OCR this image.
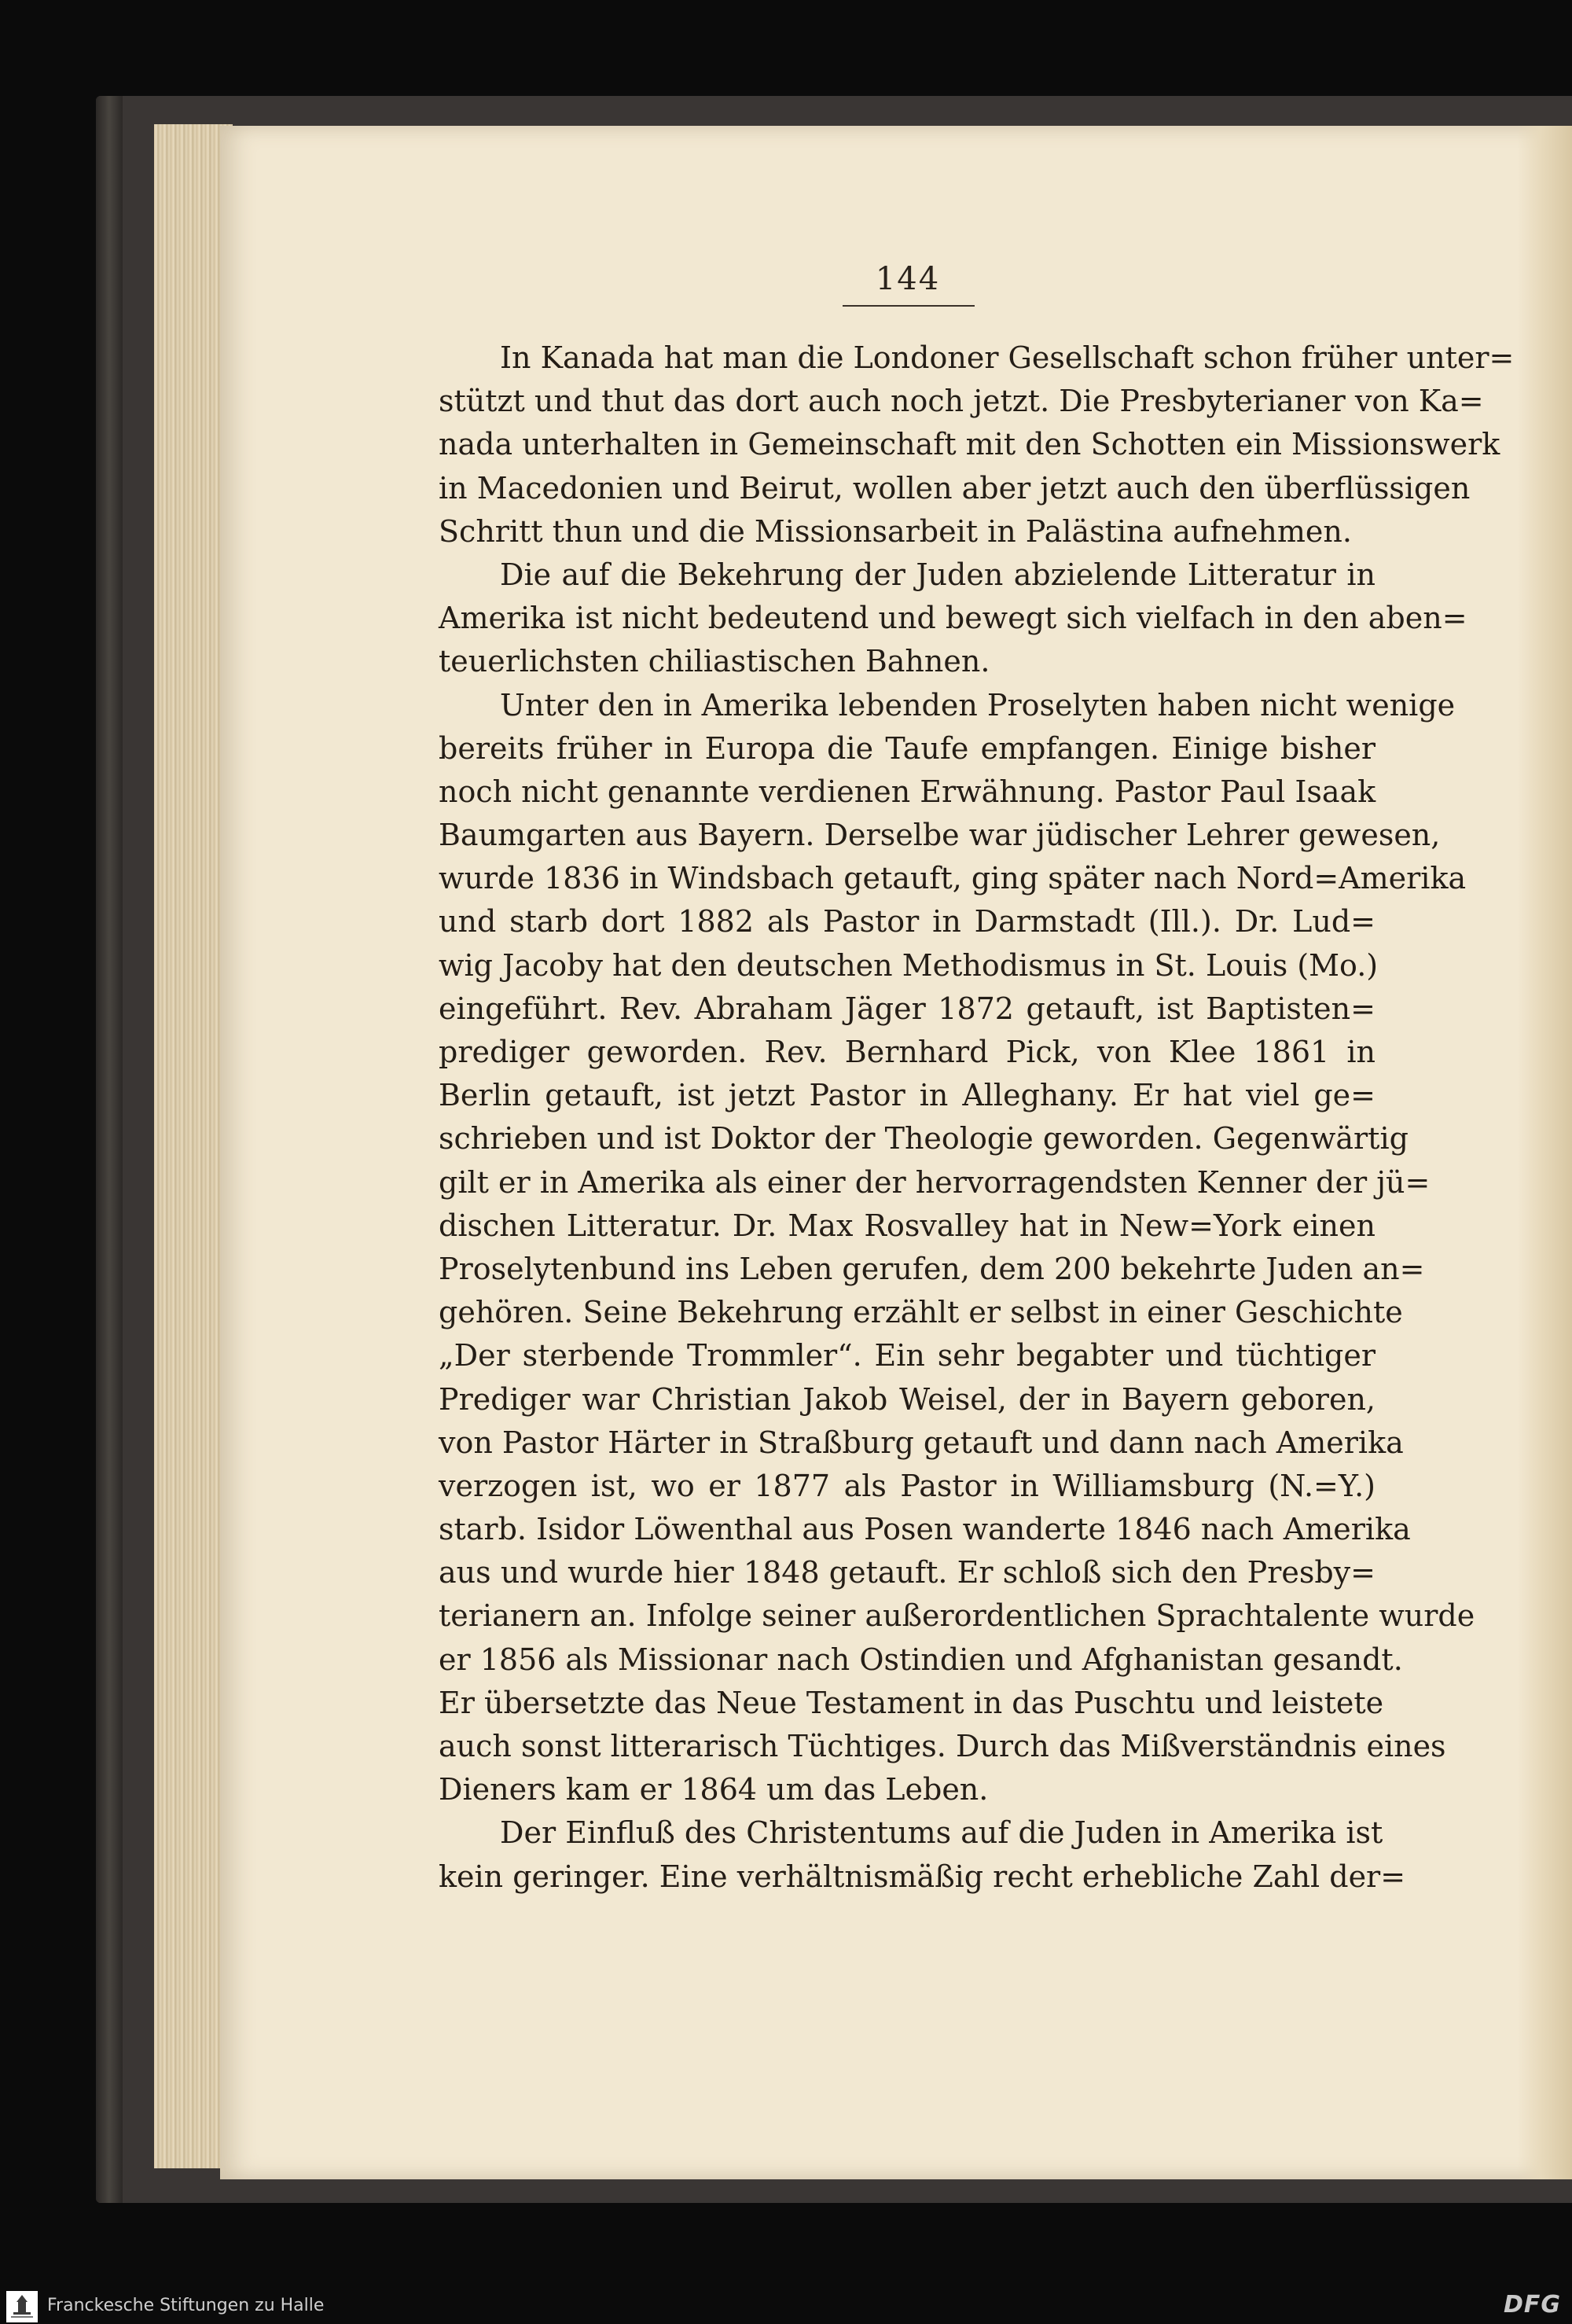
144
In Kanada hat man die Londoner Gesellschaft schon früher unter=
stützt und thut das dort auch noch jetzt. Die Presbyterianer von Ka=
nada unterhalten in Gemeinschaft mit den Schotten ein Missionswerk
in Macedonien und Beirut, wollen aber jetzt auch den überflüssigen
Schritt thun und die Missionsarbeit in Palästina aufnehmen.
Die auf die Bekehrung der Juden abzielende Litteratur in
Amerika ist nicht bedeutend und bewegt sich vielfach in den aben=
teuerlichsten chiliastischen Bahnen.
Unter den in Amerika lebenden Proselyten haben nicht wenige
bereits früher in Europa die Taufe empfangen. Einige bisher
noch nicht genannte verdienen Erwähnung. Pastor Paul Isaak
Baumgarten aus Bayern. Derselbe war jüdischer Lehrer gewesen,
wurde 1836 in Windsbach getauft, ging später nach Nord=Amerika
und starb dort 1882 als Pastor in Darmstadt (Ill.). Dr. Lud=
wig Jacoby hat den deutschen Methodismus in St. Louis (Mo.)
eingeführt. Rev. Abraham Jäger 1872 getauft, ist Baptisten=
prediger geworden. Rev. Bernhard Pick, von Klee 1861 in
Berlin getauft, ist jetzt Pastor in Alleghany. Er hat viel ge=
schrieben und ist Doktor der Theologie geworden. Gegenwärtig
gilt er in Amerika als einer der hervorragendsten Kenner der jü=
dischen Litteratur. Dr. Max Rosvalley hat in New=York einen
Proselytenbund ins Leben gerufen, dem 200 bekehrte Juden an=
gehören. Seine Bekehrung erzählt er selbst in einer Geschichte
„Der sterbende Trommler“. Ein sehr begabter und tüchtiger
Prediger war Christian Jakob Weisel, der in Bayern geboren,
von Pastor Härter in Straßburg getauft und dann nach Amerika
verzogen ist, wo er 1877 als Pastor in Williamsburg (N.=Y.)
starb. Isidor Löwenthal aus Posen wanderte 1846 nach Amerika
aus und wurde hier 1848 getauft. Er schloß sich den Presby=
terianern an. Infolge seiner außerordentlichen Sprachtalente wurde
er 1856 als Missionar nach Ostindien und Afghanistan gesandt.
Er übersetzte das Neue Testament in das Puschtu und leistete
auch sonst litterarisch Tüchtiges. Durch das Mißverständnis eines
Dieners kam er 1864 um das Leben.
Der Einfluß des Christentums auf die Juden in Amerika ist
kein geringer. Eine verhältnismäßig recht erhebliche Zahl der=
Franckesche Stiftungen zu Halle	DFG
